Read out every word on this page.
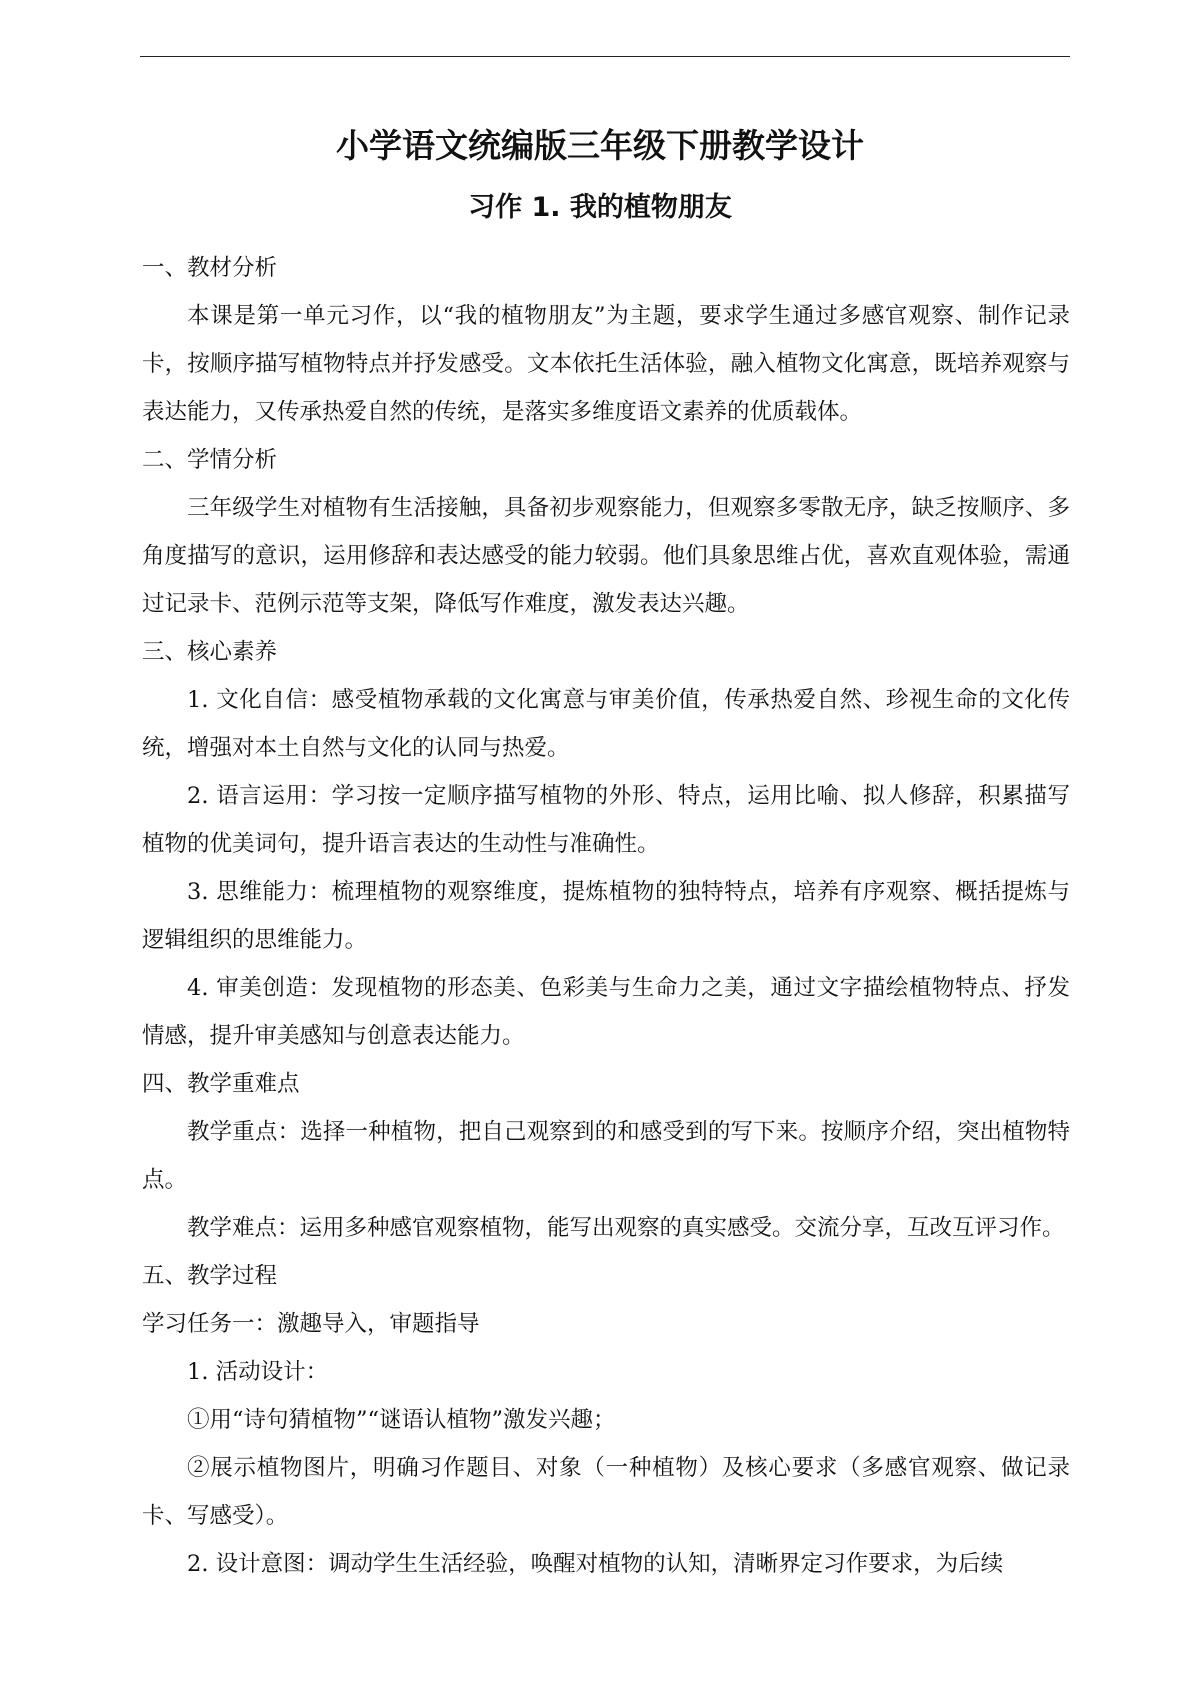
小学语文统编版三年级下册教学设计
习作 1. 我的植物朋友
一、教材分析
本课是第一单元习作，以“我的植物朋友”为主题，要求学生通过多感官观察、制作记录卡，按顺序描写植物特点并抒发感受。文本依托生活体验，融入植物文化寓意，既培养观察与表达能力，又传承热爱自然的传统，是落实多维度语文素养的优质载体。
二、学情分析
三年级学生对植物有生活接触，具备初步观察能力，但观察多零散无序，缺乏按顺序、多角度描写的意识，运用修辞和表达感受的能力较弱。他们具象思维占优，喜欢直观体验，需通过记录卡、范例示范等支架，降低写作难度，激发表达兴趣。
三、核心素养
1. 文化自信：感受植物承载的文化寓意与审美价值，传承热爱自然、珍视生命的文化传统，增强对本土自然与文化的认同与热爱。
2. 语言运用：学习按一定顺序描写植物的外形、特点，运用比喻、拟人修辞，积累描写植物的优美词句，提升语言表达的生动性与准确性。
3. 思维能力：梳理植物的观察维度，提炼植物的独特特点，培养有序观察、概括提炼与逻辑组织的思维能力。
4. 审美创造：发现植物的形态美、色彩美与生命力之美，通过文字描绘植物特点、抒发情感，提升审美感知与创意表达能力。
四、教学重难点
教学重点：选择一种植物，把自己观察到的和感受到的写下来。按顺序介绍，突出植物特点。
教学难点：运用多种感官观察植物，能写出观察的真实感受。交流分享，互改互评习作。
五、教学过程
学习任务一：激趣导入，审题指导
1. 活动设计：
①用“诗句猜植物”“谜语认植物”激发兴趣；
②展示植物图片，明确习作题目、对象（一种植物）及核心要求（多感官观察、做记录卡、写感受）。
2. 设计意图：调动学生生活经验，唤醒对植物的认知，清晰界定习作要求，为后续
